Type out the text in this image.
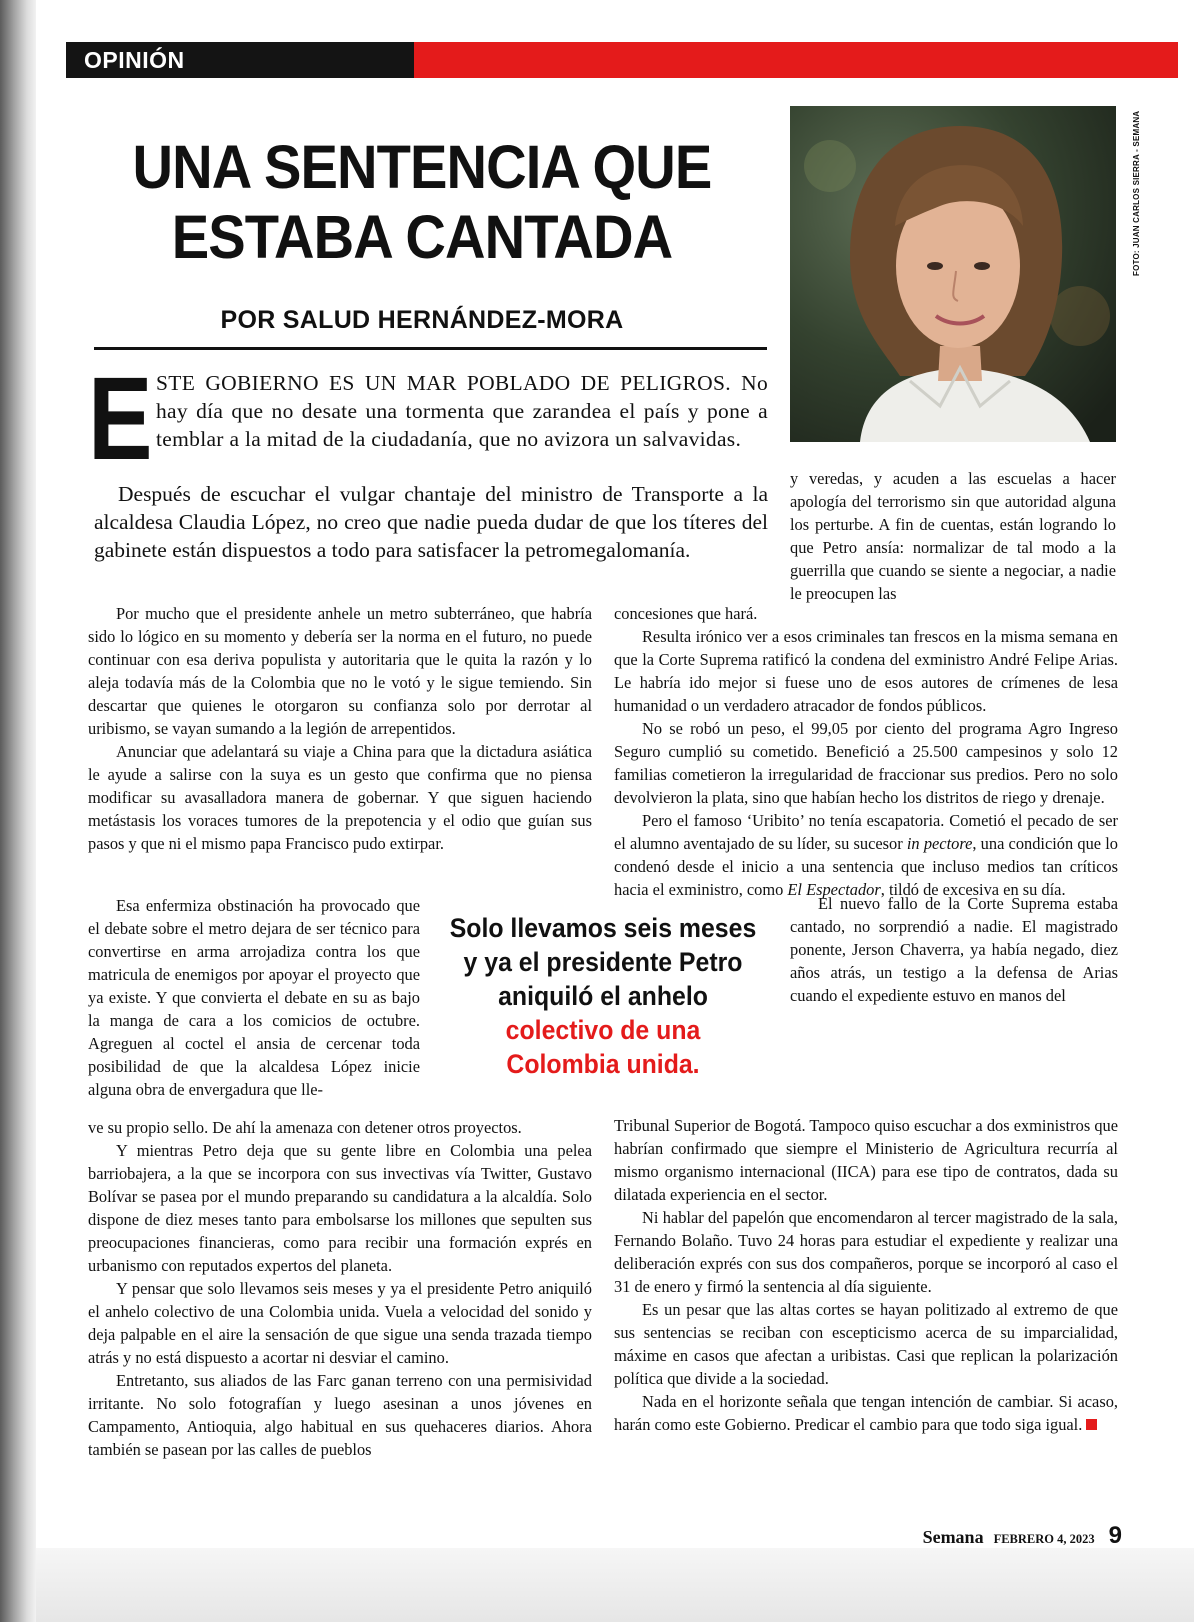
OPINIÓN
UNA SENTENCIA QUE
ESTABA CANTADA
POR SALUD HERNÁNDEZ-MORA
FOTO: JUAN CARLOS SIERRA - SEMANA
E STE GOBIERNO ES UN MAR POBLADO DE PELIGROS. No hay día que no desate una tormenta que zarandea el país y pone a temblar a la mitad de la ciudadanía, que no avizora un salvavidas.
Después de escuchar el vulgar chantaje del ministro de Transporte a la alcaldesa Claudia López, no creo que nadie pueda dudar de que los títeres del gabinete están dispuestos a todo para satisfacer la petromegalomanía.

Por mucho que el presidente anhele un metro subterráneo, que habría sido lo lógico en su momento y debería ser la norma en el futuro, no puede continuar con esa deriva populista y autoritaria que le quita la razón y lo aleja todavía más de la Colombia que no le votó y le sigue temiendo. Sin descartar que quienes le otorgaron su confianza solo por derrotar al uribismo, se vayan sumando a la legión de arrepentidos.

Anunciar que adelantará su viaje a China para que la dictadura asiática le ayude a salirse con la suya es un gesto que confirma que no piensa modificar su avasalladora manera de gobernar. Y que siguen haciendo metástasis los voraces tumores de la prepotencia y el odio que guían sus pasos y que ni el mismo papa Francisco pudo extirpar.

Esa enfermiza obstinación ha provocado que el debate sobre el metro dejara de ser técnico para convertirse en arma arrojadiza contra los que matricula de enemigos por apoyar el proyecto que ya existe. Y que convierta el debate en su as bajo la manga de cara a los comicios de octubre. Agreguen al coctel el ansia de cercenar toda posibilidad de que la alcaldesa López inicie alguna obra de envergadura que lle-

ve su propio sello. De ahí la amenaza con detener otros proyectos.

Y mientras Petro deja que su gente libre en Colombia una pelea barriobajera, a la que se incorpora con sus invectivas vía Twitter, Gustavo Bolívar se pasea por el mundo preparando su candidatura a la alcaldía. Solo dispone de diez meses tanto para embolsarse los millones que sepulten sus preocupaciones financieras, como para recibir una formación exprés en urbanismo con reputados expertos del planeta.

Y pensar que solo llevamos seis meses y ya el presidente Petro aniquiló el anhelo colectivo de una Colombia unida. Vuela a velocidad del sonido y deja palpable en el aire la sensación de que sigue una senda trazada tiempo atrás y no está dispuesto a acortar ni desviar el camino.

Entretanto, sus aliados de las Farc ganan terreno con una permisividad irritante. No solo fotografían y luego asesinan a unos jóvenes en Campamento, Antioquia, algo habitual en sus quehaceres diarios. Ahora también se pasean por las calles de pueblos

Solo llevamos seis meses y ya el presidente Petro aniquiló el anhelo colectivo de una Colombia unida.

y veredas, y acuden a las escuelas a hacer apología del terrorismo sin que autoridad alguna los perturbe. A fin de cuentas, están logrando lo que Petro ansía: normalizar de tal modo a la guerrilla que cuando se siente a negociar, a nadie le preocupen las

concesiones que hará.

Resulta irónico ver a esos criminales tan frescos en la misma semana en que la Corte Suprema ratificó la condena del exministro André Felipe Arias. Le habría ido mejor si fuese uno de esos autores de crímenes de lesa humanidad o un verdadero atracador de fondos públicos.

No se robó un peso, el 99,05 por ciento del programa Agro Ingreso Seguro cumplió su cometido. Benefició a 25.500 campesinos y solo 12 familias cometieron la irregularidad de fraccionar sus predios. Pero no solo devolvieron la plata, sino que habían hecho los distritos de riego y drenaje.

Pero el famoso ‘Uribito’ no tenía escapatoria. Cometió el pecado de ser el alumno aventajado de su líder, su sucesor in pectore, una condición que lo condenó desde el inicio a una sentencia que incluso medios tan críticos hacia el exministro, como El Espectador, tildó de excesiva en su día.

El nuevo fallo de la Corte Suprema estaba cantado, no sorprendió a nadie. El magistrado ponente, Jerson Chaverra, ya había negado, diez años atrás, un testigo a la defensa de Arias cuando el expediente estuvo en manos del

Tribunal Superior de Bogotá. Tampoco quiso escuchar a dos exministros que habrían confirmado que siempre el Ministerio de Agricultura recurría al mismo organismo internacional (IICA) para ese tipo de contratos, dada su dilatada experiencia en el sector.

Ni hablar del papelón que encomendaron al tercer magistrado de la sala, Fernando Bolaño. Tuvo 24 horas para estudiar el expediente y realizar una deliberación exprés con sus dos compañeros, porque se incorporó al caso el 31 de enero y firmó la sentencia al día siguiente.

Es un pesar que las altas cortes se hayan politizado al extremo de que sus sentencias se reciban con escepticismo acerca de su imparcialidad, máxime en casos que afectan a uribistas. Casi que replican la polarización política que divide a la sociedad.

Nada en el horizonte señala que tengan intención de cambiar. Si acaso, harán como este Gobierno. Predicar el cambio para que todo siga igual.

Semana FEBRERO 4, 2023 9
